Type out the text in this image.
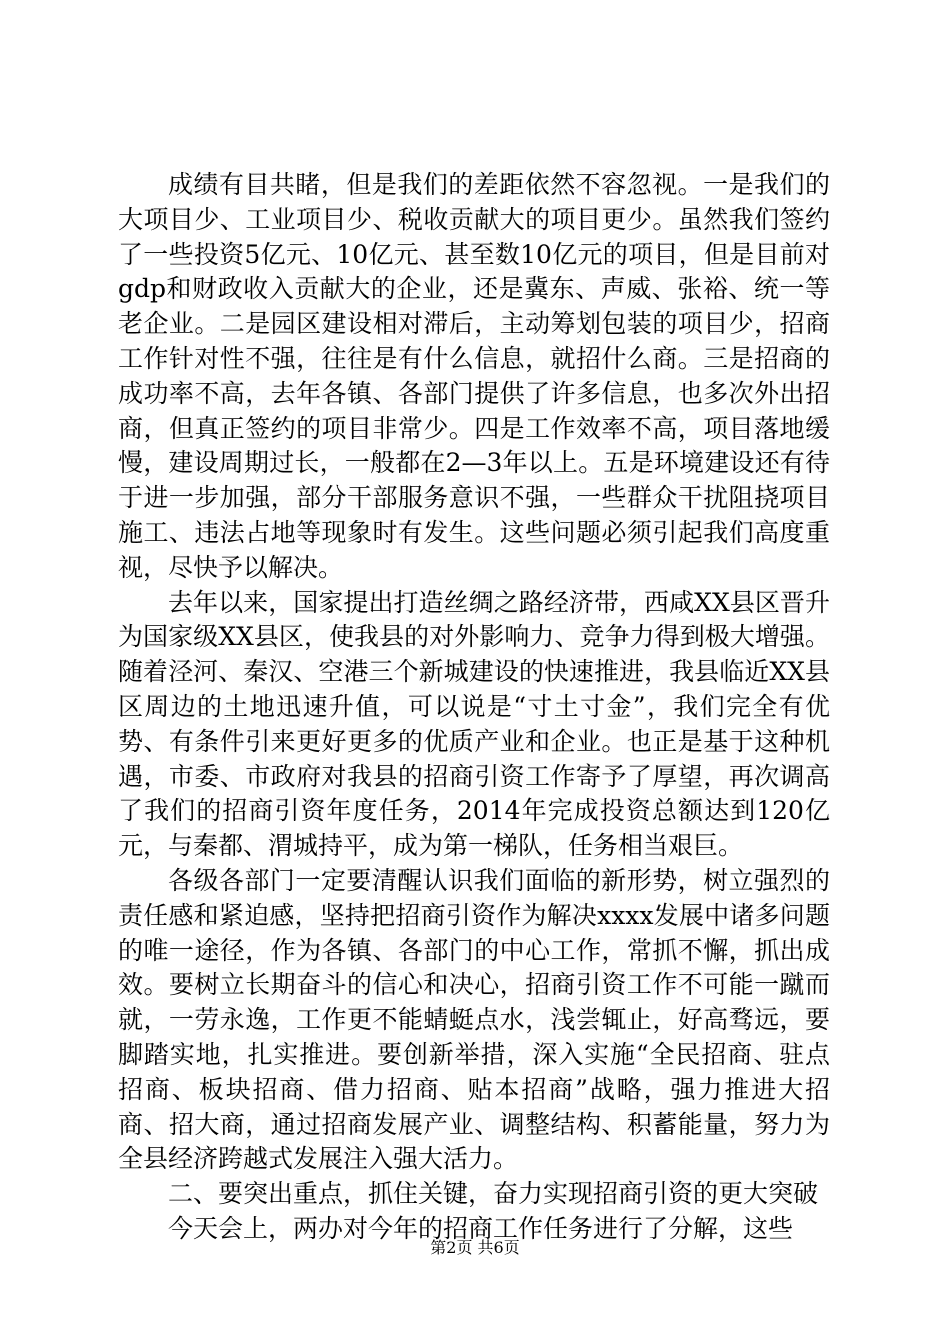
成绩有目共睹，但是我们的差距依然不容忽视。一是我们的大项目少、工业项目少、税收贡献大的项目更少。虽然我们签约了一些投资5亿元、10亿元、甚至数10亿元的项目，但是目前对gdp和财政收入贡献大的企业，还是冀东、声威、张裕、统一等老企业。二是园区建设相对滞后，主动筹划包装的项目少，招商工作针对性不强，往往是有什么信息，就招什么商。三是招商的成功率不高，去年各镇、各部门提供了许多信息，也多次外出招商，但真正签约的项目非常少。四是工作效率不高，项目落地缓慢，建设周期过长，一般都在2—3年以上。五是环境建设还有待于进一步加强，部分干部服务意识不强，一些群众干扰阻挠项目施工、违法占地等现象时有发生。这些问题必须引起我们高度重视，尽快予以解决。

去年以来，国家提出打造丝绸之路经济带，西咸XX县区晋升为国家级XX县区，使我县的对外影响力、竞争力得到极大增强。随着泾河、秦汉、空港三个新城建设的快速推进，我县临近XX县区周边的土地迅速升值，可以说是“寸土寸金”，我们完全有优势、有条件引来更好更多的优质产业和企业。也正是基于这种机遇，市委、市政府对我县的招商引资工作寄予了厚望，再次调高了我们的招商引资年度任务，2014年完成投资总额达到120亿元，与秦都、渭城持平，成为第一梯队，任务相当艰巨。

各级各部门一定要清醒认识我们面临的新形势，树立强烈的责任感和紧迫感，坚持把招商引资作为解决xxxx发展中诸多问题的唯一途径，作为各镇、各部门的中心工作，常抓不懈，抓出成效。要树立长期奋斗的信心和决心，招商引资工作不可能一蹴而就，一劳永逸，工作更不能蜻蜓点水，浅尝辄止，好高骛远，要脚踏实地，扎实推进。要创新举措，深入实施“全民招商、驻点招商、板块招商、借力招商、贴本招商”战略，强力推进大招商、招大商，通过招商发展产业、调整结构、积蓄能量，努力为全县经济跨越式发展注入强大活力。

二、要突出重点，抓住关键，奋力实现招商引资的更大突破

今天会上，两办对今年的招商工作任务进行了分解，这些

第2页 共6页
